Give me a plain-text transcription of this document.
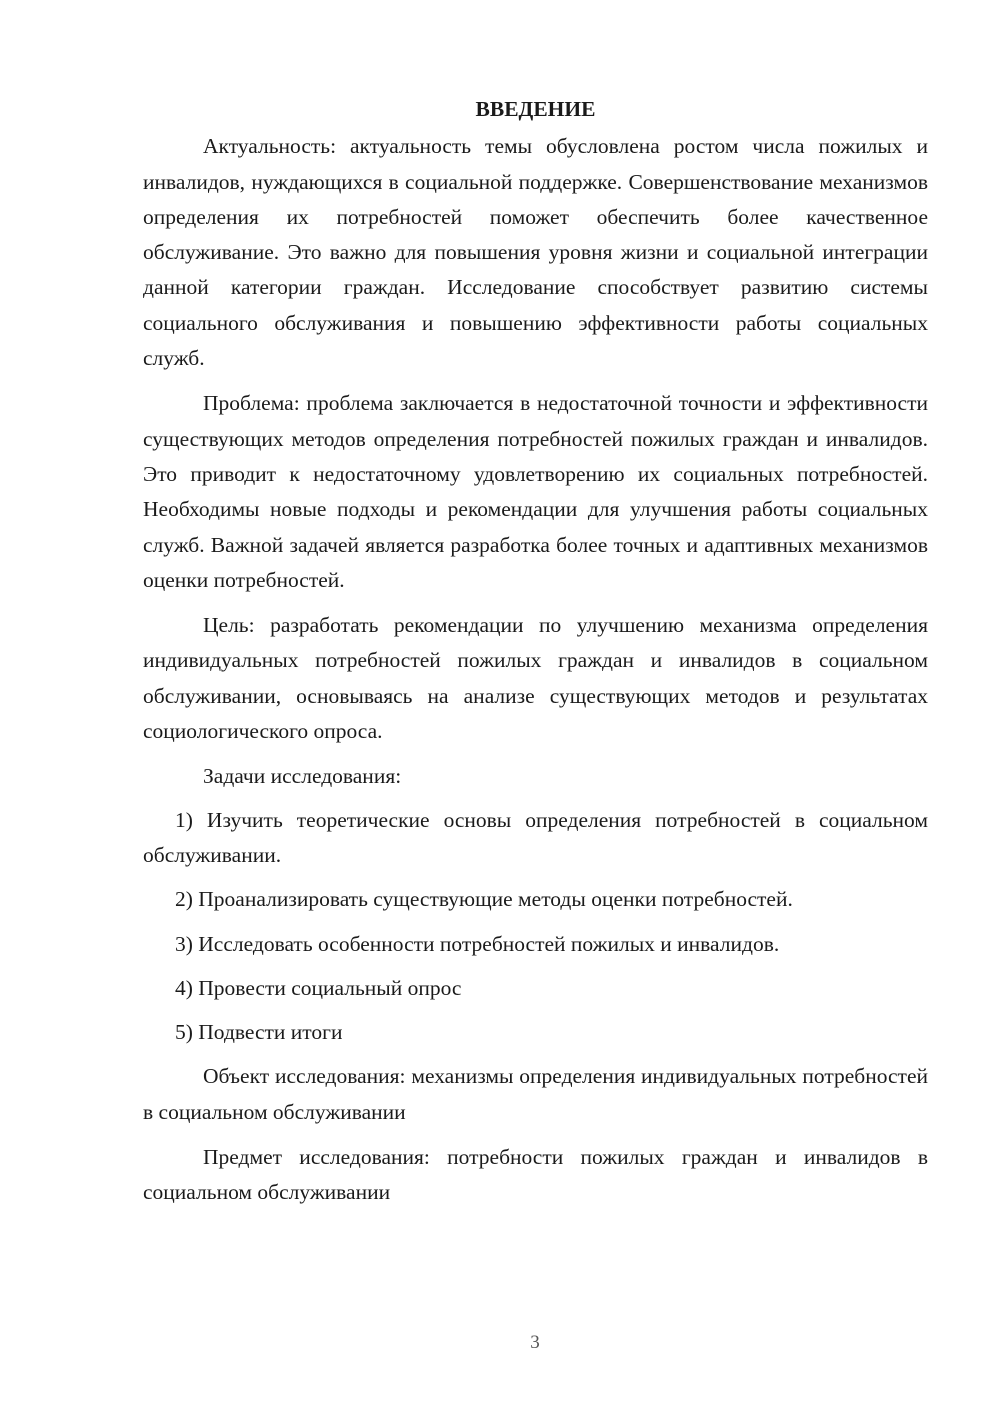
ВВЕДЕНИЕ

Актуальность: актуальность темы обусловлена ростом числа пожилых и инвалидов, нуждающихся в социальной поддержке. Совершенствование механизмов определения их потребностей поможет обеспечить более качественное обслуживание. Это важно для повышения уровня жизни и социальной интеграции данной категории граждан. Исследование способствует развитию системы социального обслуживания и повышению эффективности работы социальных служб.

Проблема: проблема заключается в недостаточной точности и эффективности существующих методов определения потребностей пожилых граждан и инвалидов. Это приводит к недостаточному удовлетворению их социальных потребностей. Необходимы новые подходы и рекомендации для улучшения работы социальных служб. Важной задачей является разработка более точных и адаптивных механизмов оценки потребностей.

Цель: разработать рекомендации по улучшению механизма определения индивидуальных потребностей пожилых граждан и инвалидов в социальном обслуживании, основываясь на анализе существующих методов и результатах социологического опроса.

Задачи исследования:

1) Изучить теоретические основы определения потребностей в социальном обслуживании.

2) Проанализировать существующие методы оценки потребностей.

3) Исследовать особенности потребностей пожилых и инвалидов.

4) Провести социальный опрос

5) Подвести итоги

Объект исследования: механизмы определения индивидуальных потребностей в социальном обслуживании

Предмет исследования: потребности пожилых граждан и инвалидов в социальном обслуживании

3
